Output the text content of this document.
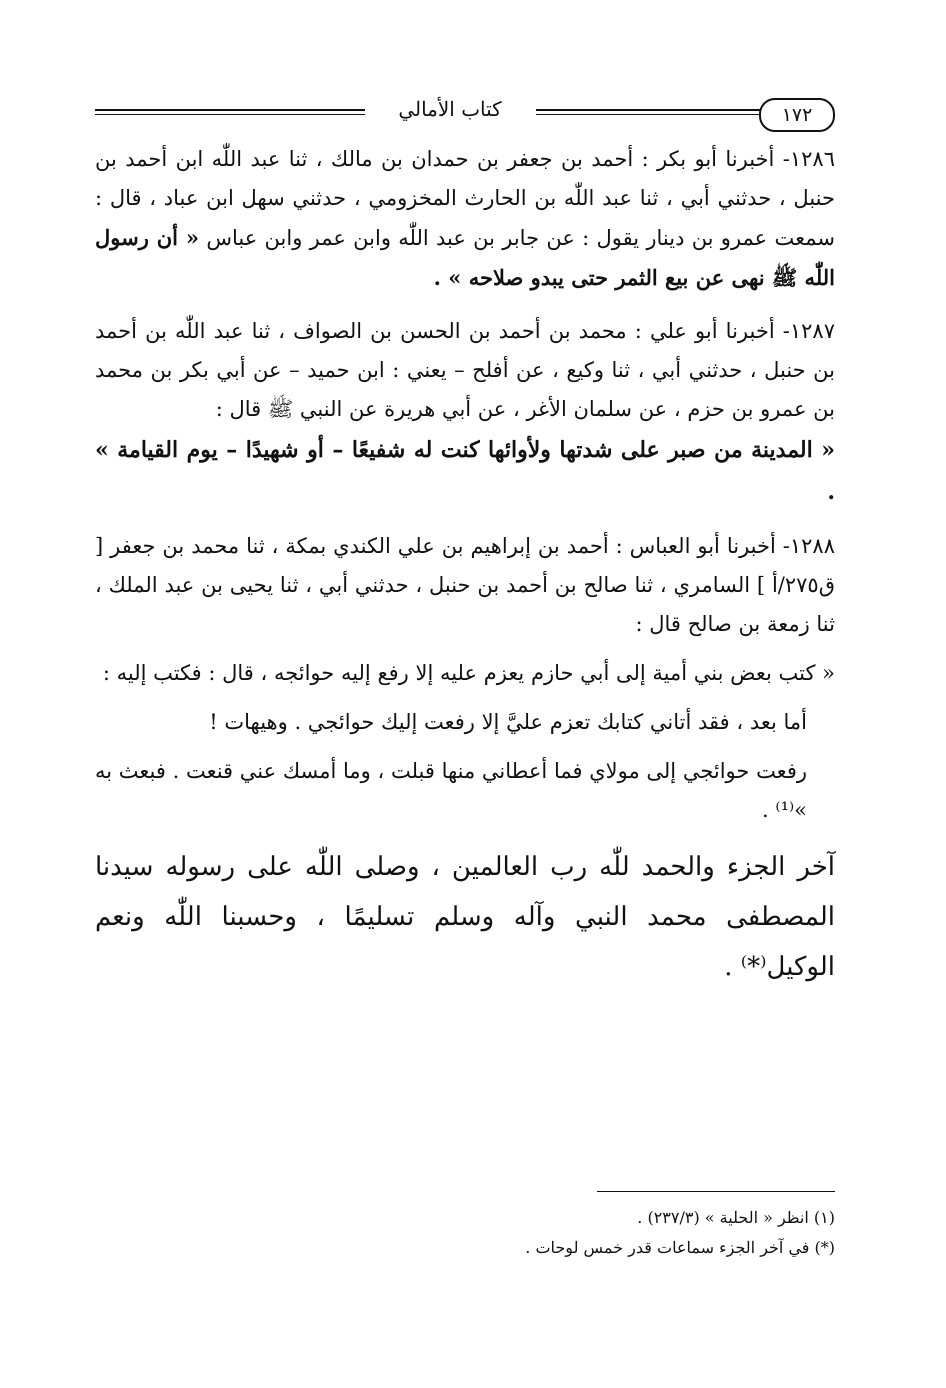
١٧٢
كتاب الأمالي

١٢٨٦- أخبرنا أبو بكر : أحمد بن جعفر بن حمدان بن مالك ، ثنا عبد اللّٰه ابن أحمد بن حنبل ، حدثني أبي ، ثنا عبد اللّٰه بن الحارث المخزومي ، حدثني سهل ابن عباد ، قال : سمعت عمرو بن دينار يقول : عن جابر بن عبد اللّٰه وابن عمر وابن عباس « أن رسول اللّٰه ﷺ نهى عن بيع الثمر حتى يبدو صلاحه » .

١٢٨٧- أخبرنا أبو علي : محمد بن أحمد بن الحسن بن الصواف ، ثنا عبد اللّٰه بن أحمد بن حنبل ، حدثني أبي ، ثنا وكيع ، عن أفلح – يعني : ابن حميد – عن أبي بكر بن محمد بن عمرو بن حزم ، عن سلمان الأغر ، عن أبي هريرة عن النبي ﷺ قال :

« المدينة من صبر على شدتها ولأوائها كنت له شفيعًا – أو شهيدًا – يوم القيامة » .

١٢٨٨- أخبرنا أبو العباس : أحمد بن إبراهيم بن علي الكندي بمكة ، ثنا محمد بن جعفر [ ق٢٧٥/أ ] السامري ، ثنا صالح بن أحمد بن حنبل ، حدثني أبي ، ثنا يحيى بن عبد الملك ، ثنا زمعة بن صالح قال :

« كتب بعض بني أمية إلى أبي حازم يعزم عليه إلا رفع إليه حوائجه ، قال : فكتب إليه :

أما بعد ، فقد أتاني كتابك تعزم عليَّ إلا رفعت إليك حوائجي . وهيهات !

رفعت حوائجي إلى مولاي فما أعطاني منها قبلت ، وما أمسك عني قنعت . فبعث به »⁽¹⁾ .

آخر الجزء والحمد للّٰه رب العالمين ، وصلى اللّٰه على رسوله سيدنا المصطفى محمد النبي وآله وسلم تسليمًا ، وحسبنا اللّٰه ونعم الوكيل⁽*⁾ .

(١) انظر « الحلية » (٢٣٧/٣) .

(*) في آخر الجزء سماعات قدر خمس لوحات .
